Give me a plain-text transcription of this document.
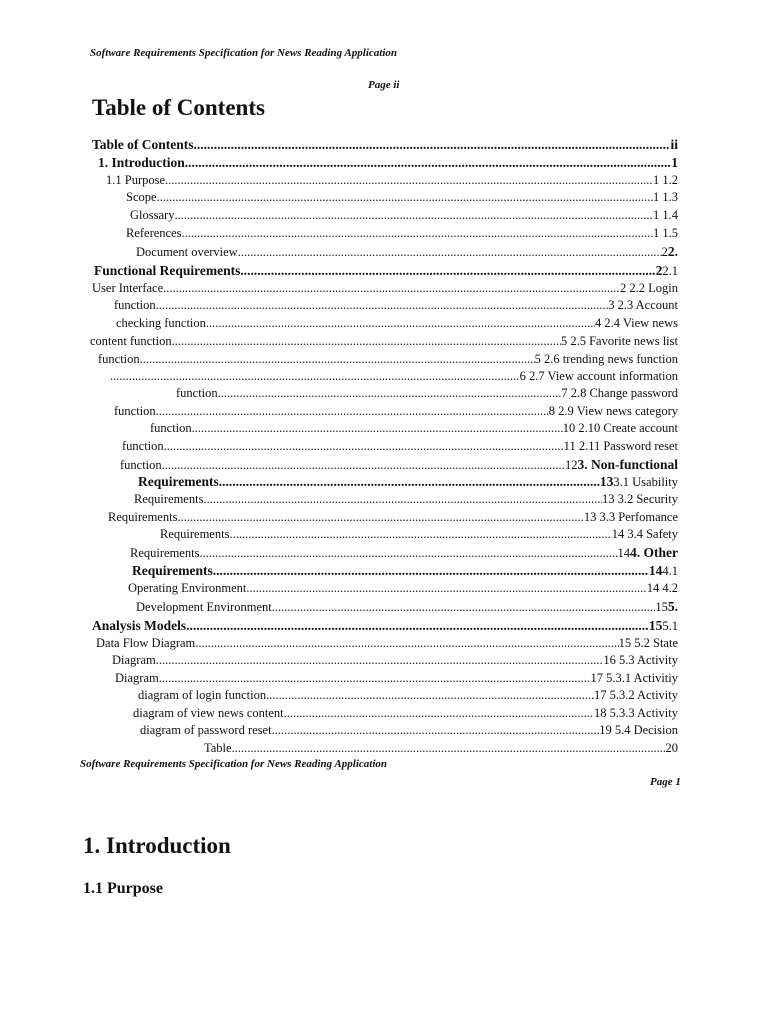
Software Requirements Specification for News Reading Application
Page ii
Table of Contents
Table of Contents .....	ii
1. Introduction .....	1
1.1 Purpose .....	1 1.2
Scope .....	1 1.3
Glossary .....	1 1.4
References .....	1 1.5
Document overview .....	2 2.
Functional Requirements .....	2 2.1
User Interface .....	2 2.2 Login
function .....	3 2.3 Account
checking function .....	4 2.4 View news
content function .....	5 2.5 Favorite news list
function .....	5 2.6 trending news function
.....
6 2.7 View account information
function .....	7 2.8 Change password
function .....	8 2.9 View news category
function .....	10 2.10 Create account
function .....	11 2.11 Password reset
function .....	12 3. Non-functional
Requirements .....	13 3.1 Usability
Requirements .....	13 3.2 Security
Requirements .....	13 3.3 Perfomance
Requirements .....	14 3.4 Safety
Requirements .....	14 4. Other
Requirements .....	14 4.1
Operating Environment .....	14 4.2
Development Environment .....	15 5.
Analysis Models .....	15 5.1
Data Flow Diagram .....	15 5.2 State
Diagram .....	16 5.3 Activity
Diagram .....	17 5.3.1 Activitiy
diagram of login function .....	17 5.3.2 Activity
diagram of view news content .....	18 5.3.3 Activity
diagram of password reset .....	19 5.4 Decision
Table .....	20
Software Requirements Specification for News Reading Application
Page 1
1. Introduction
1.1 Purpose
